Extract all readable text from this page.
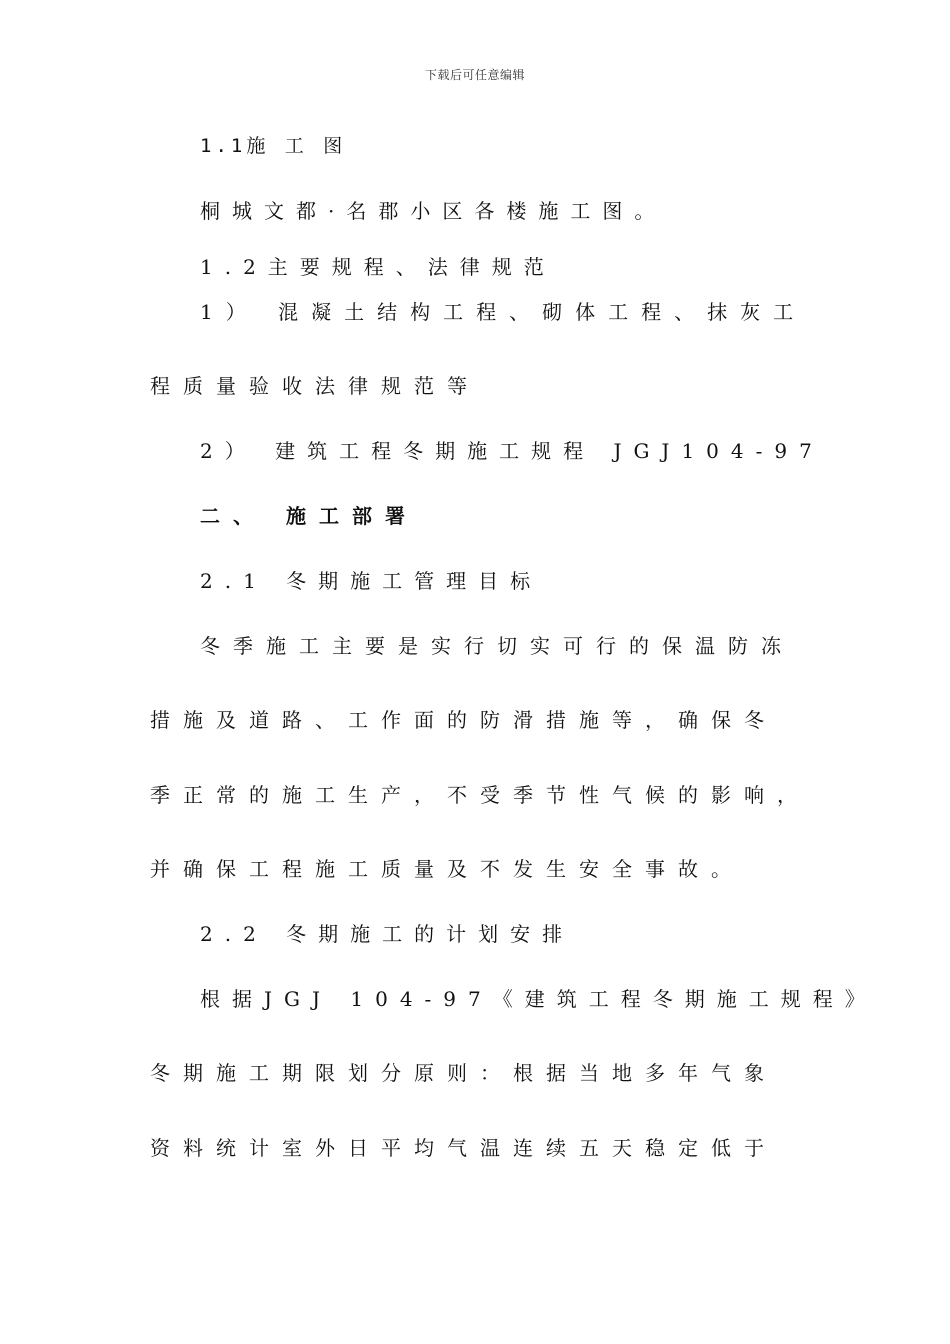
下载后可任意编辑
1.1施 工 图
桐城文都·名郡小区各楼施工图。
1.2主要规程、法律规范
1） 混凝土结构工程、砌体工程、抹灰工
程质量验收法律规范等
2） 建筑工程冬期施工规程 JGJ104-97
二、 施工部署
2.1 冬期施工管理目标
冬季施工主要是实行切实可行的保温防冻
措施及道路、工作面的防滑措施等，确保冬
季正常的施工生产，不受季节性气候的影响，
并确保工程施工质量及不发生安全事故。
2.2 冬期施工的计划安排
根据JGJ 104-97《建筑工程冬期施工规程》
冬期施工期限划分原则：根据当地多年气象
资料统计室外日平均气温连续五天稳定低于
